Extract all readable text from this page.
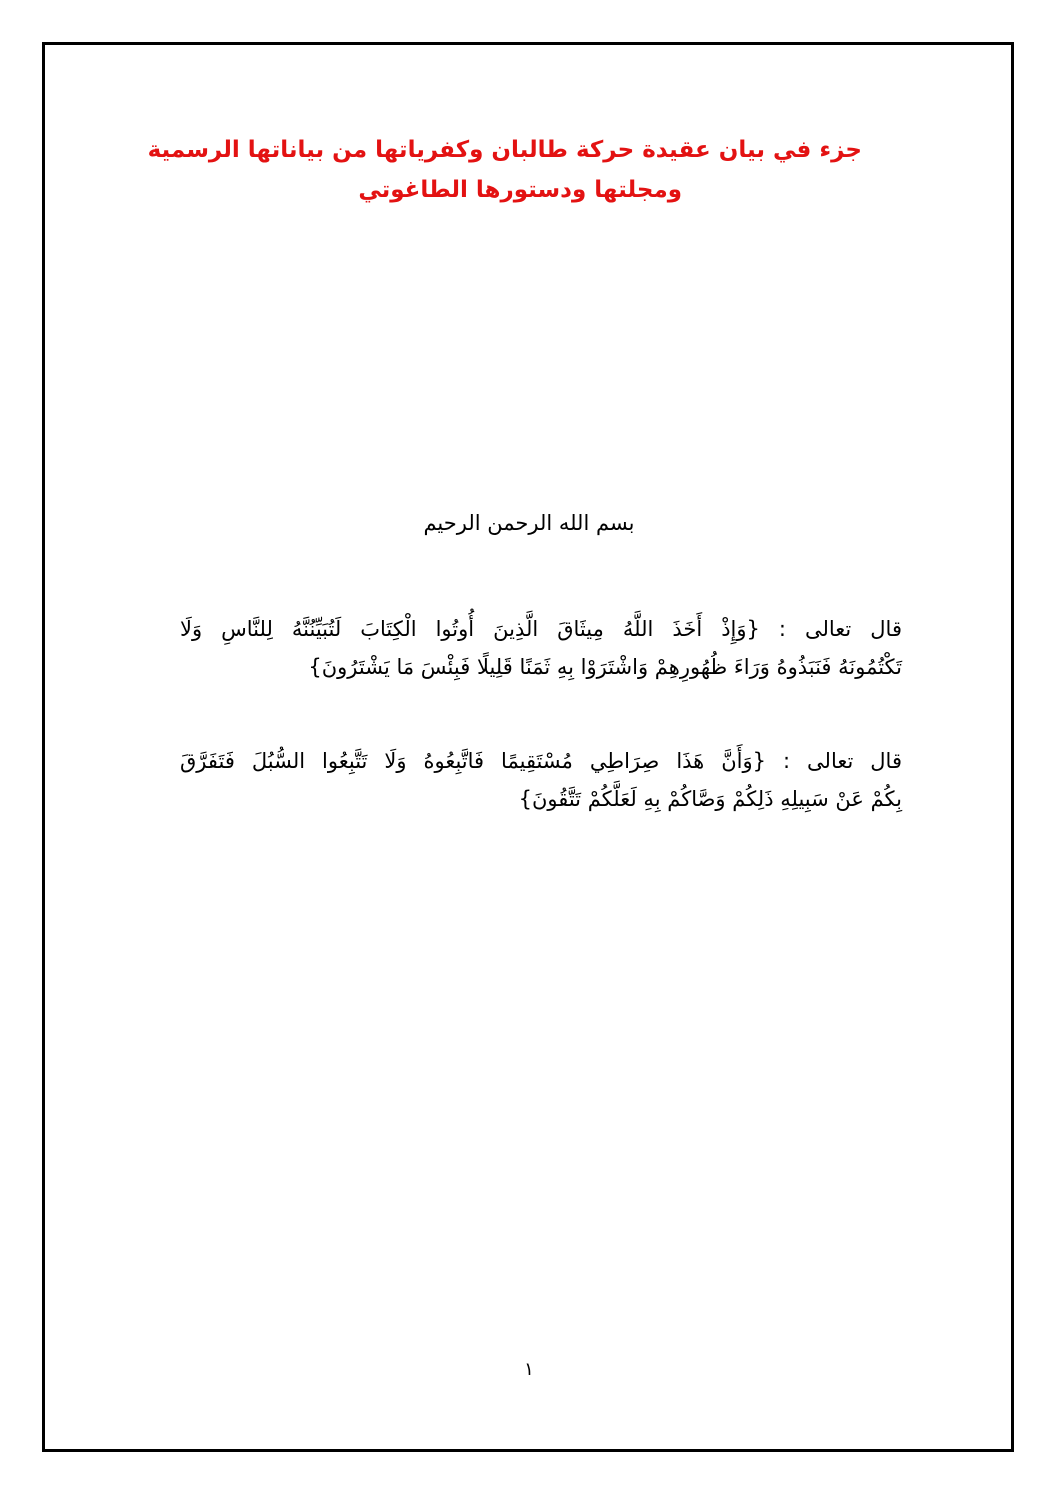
جزء في بيان عقيدة حركة طالبان وكفرياتها من بياناتها الرسمية
ومجلتها ودستورها الطاغوتي
بسم الله الرحمن الرحيم
قال تعالى : {وَإِذْ أَخَذَ اللَّهُ مِيثَاقَ الَّذِينَ أُوتُوا الْكِتَابَ لَتُبَيِّنُنَّهُ لِلنَّاسِ وَلَا
تَكْتُمُونَهُ فَنَبَذُوهُ وَرَاءَ ظُهُورِهِمْ وَاشْتَرَوْا بِهِ ثَمَنًا قَلِيلًا فَبِئْسَ مَا يَشْتَرُونَ}
قال تعالى : {وَأَنَّ هَذَا صِرَاطِي مُسْتَقِيمًا فَاتَّبِعُوهُ وَلَا تَتَّبِعُوا السُّبُلَ فَتَفَرَّقَ
بِكُمْ عَنْ سَبِيلِهِ ذَلِكُمْ وَصَّاكُمْ بِهِ لَعَلَّكُمْ تَتَّقُونَ}
١
